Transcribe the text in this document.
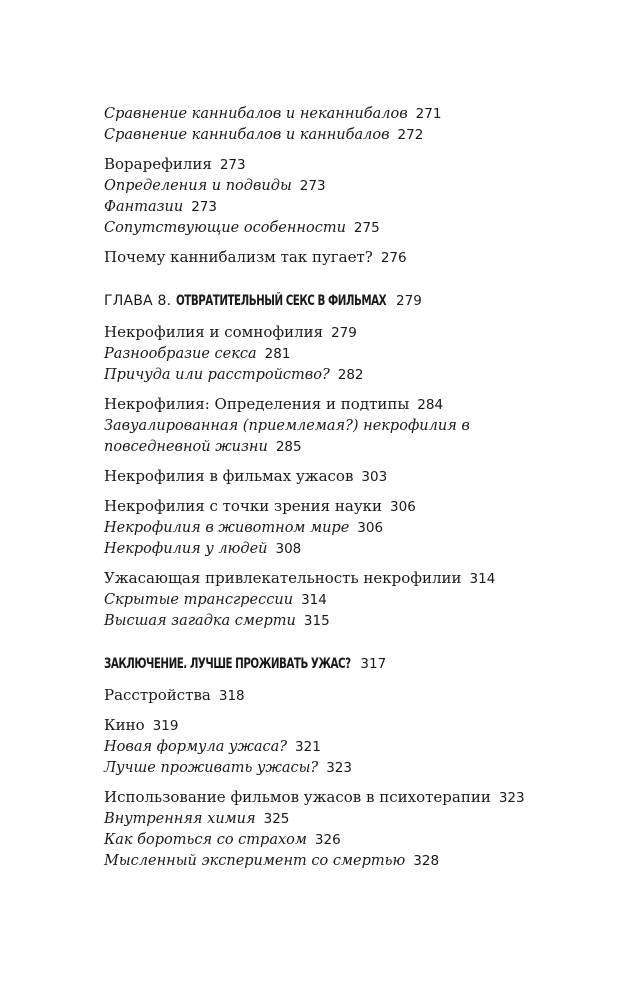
Сравнение каннибалов и неканнибалов 271
Сравнение каннибалов и каннибалов 272
Ворарефилия 273
Определения и подвиды 273
Фантазии 273
Сопутствующие особенности 275
Почему каннибализм так пугает? 276
ГЛАВА 8. ОТВРАТИТЕЛЬНЫЙ СЕКС В ФИЛЬМАХ 279
Некрофилия и сомнофилия 279
Разнообразие секса 281
Причуда или расстройство? 282
Некрофилия: Определения и подтипы 284
Завуалированная (приемлемая?) некрофилия в повседневной жизни 285
Некрофилия в фильмах ужасов 303
Некрофилия с точки зрения науки 306
Некрофилия в животном мире 306
Некрофилия у людей 308
Ужасающая привлекательность некрофилии 314
Скрытые трансгрессии 314
Высшая загадка смерти 315
ЗАКЛЮЧЕНИЕ. ЛУЧШЕ ПРОЖИВАТЬ УЖАС? 317
Расстройства 318
Кино 319
Новая формула ужаса? 321
Лучше проживать ужасы? 323
Использование фильмов ужасов в психотерапии 323
Внутренняя химия 325
Как бороться со страхом 326
Мысленный эксперимент со смертью 328
